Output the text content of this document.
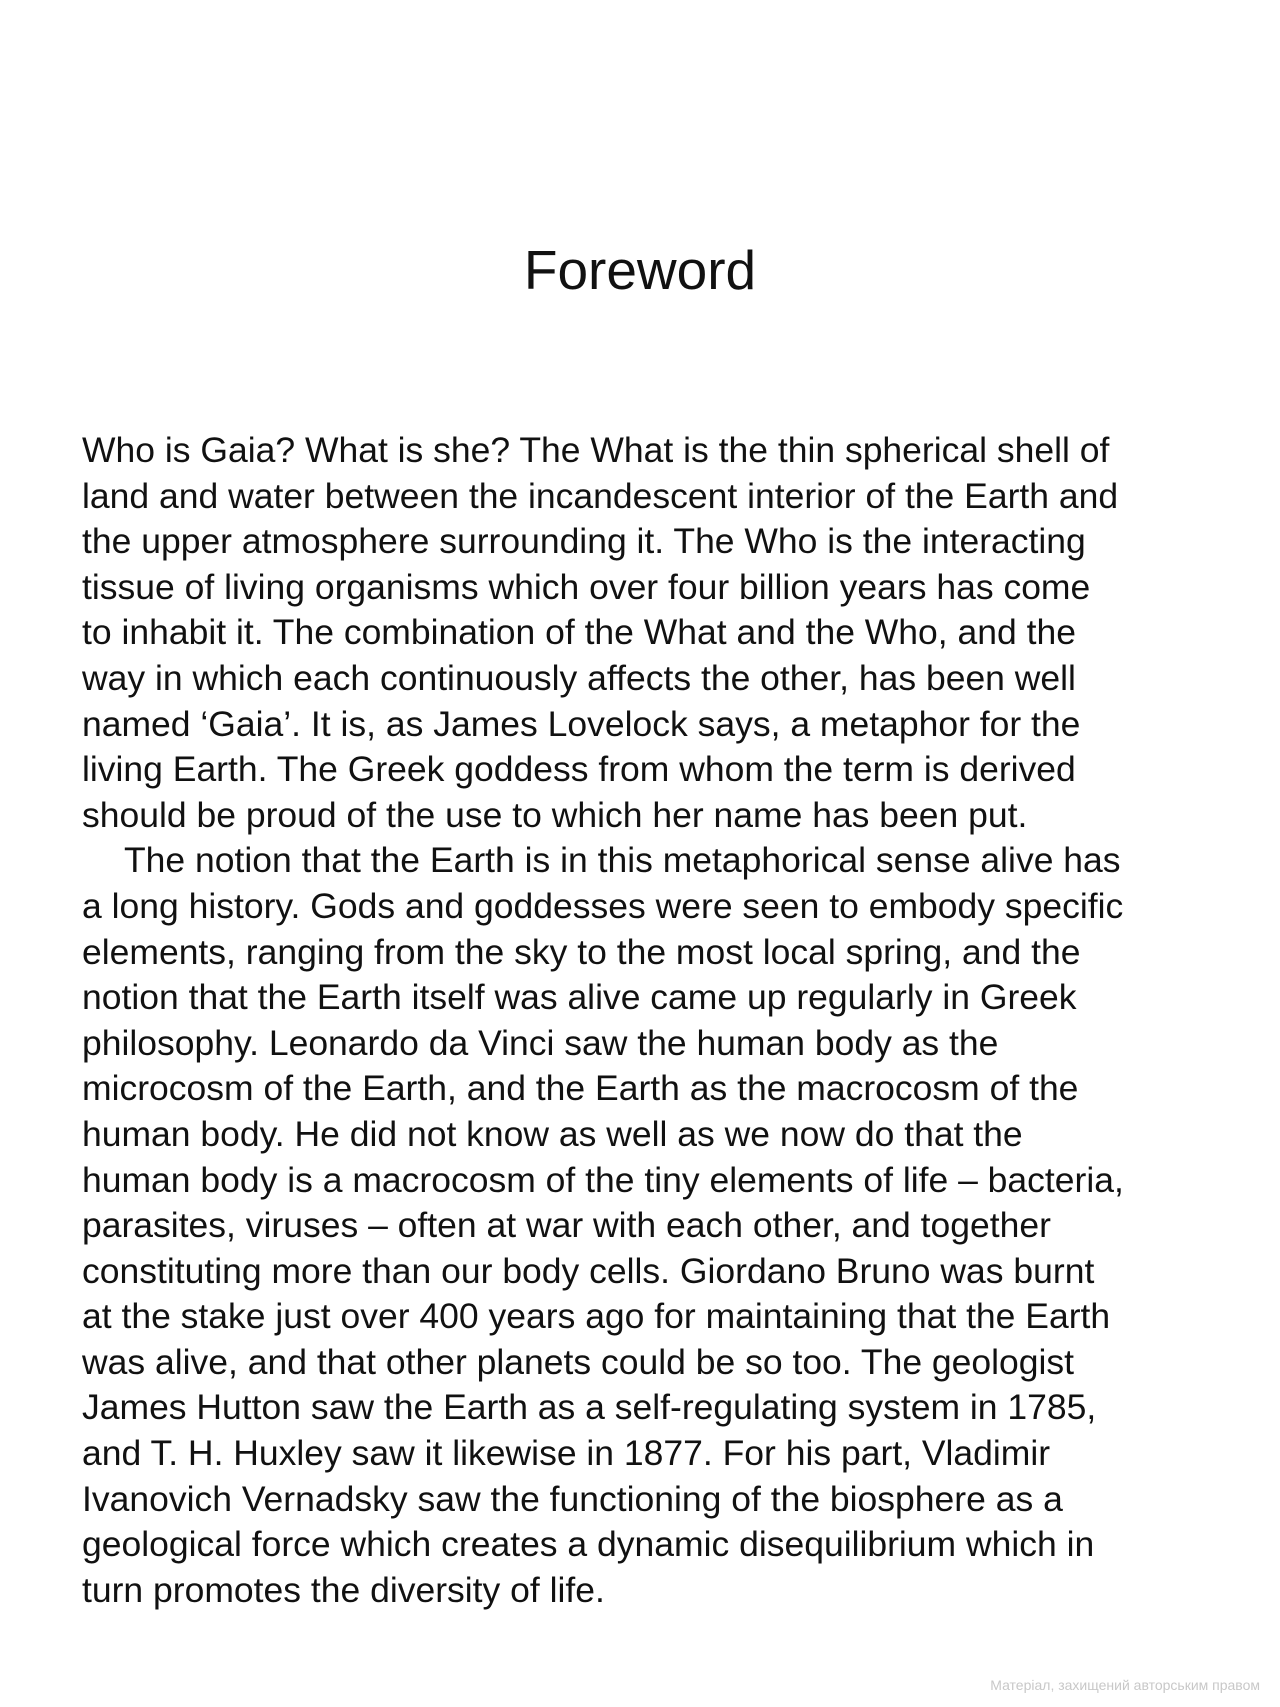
Foreword
Who is Gaia? What is she? The What is the thin spherical shell of
land and water between the incandescent interior of the Earth and
the upper atmosphere surrounding it. The Who is the interacting
tissue of living organisms which over four billion years has come
to inhabit it. The combination of the What and the Who, and the
way in which each continuously affects the other, has been well
named ‘Gaia’. It is, as James Lovelock says, a metaphor for the
living Earth. The Greek goddess from whom the term is derived
should be proud of the use to which her name has been put.
The notion that the Earth is in this metaphorical sense alive has
a long history. Gods and goddesses were seen to embody specific
elements, ranging from the sky to the most local spring, and the
notion that the Earth itself was alive came up regularly in Greek
philosophy. Leonardo da Vinci saw the human body as the
microcosm of the Earth, and the Earth as the macrocosm of the
human body. He did not know as well as we now do that the
human body is a macrocosm of the tiny elements of life – bacteria,
parasites, viruses – often at war with each other, and together
constituting more than our body cells. Giordano Bruno was burnt
at the stake just over 400 years ago for maintaining that the Earth
was alive, and that other planets could be so too. The geologist
James Hutton saw the Earth as a self-regulating system in 1785,
and T. H. Huxley saw it likewise in 1877. For his part, Vladimir
Ivanovich Vernadsky saw the functioning of the biosphere as a
geological force which creates a dynamic disequilibrium which in
turn promotes the diversity of life.
Матеріал, захищений авторським правом
